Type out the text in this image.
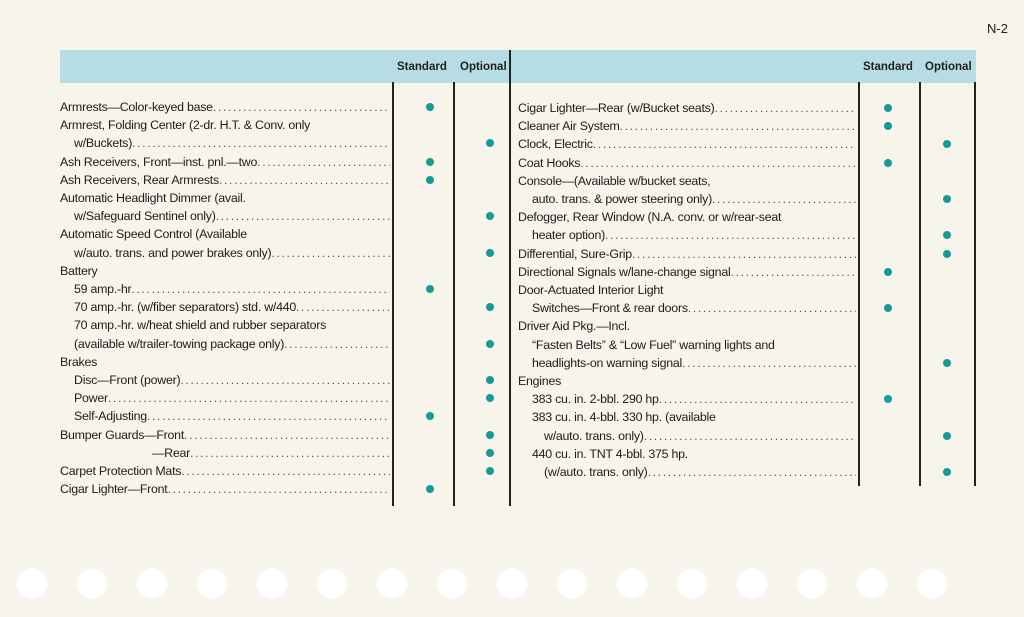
N-2
Standard Optional	Standard Optional
Armrests—Color-keyed base
.....
Armrest, Folding Center (2-dr. H.T. & Conv. only
w/Buckets)
.....
Ash Receivers, Front—inst. pnl.—two
.....
Ash Receivers, Rear Armrests
.....
Automatic Headlight Dimmer (avail.
w/Safeguard Sentinel only)
.....
Automatic Speed Control (Available
w/auto. trans. and power brakes only)
.....
Battery
59 amp.-hr
.....
70 amp.-hr. (w/fiber separators) std. w/440
.....
70 amp.-hr. w/heat shield and rubber separators
(available w/trailer-towing package only)
.....
Brakes
Disc—Front (power)
.....
Power
.....
Self-Adjusting
.....
Bumper Guards—Front
.....
—Rear
.....
Carpet Protection Mats
.....
Cigar Lighter—Front
.....
Cigar Lighter—Rear (w/Bucket seats)
.....
Cleaner Air System
.....
Clock, Electric
.....
Coat Hooks
.....
Console—(Available w/bucket seats,
auto. trans. & power steering only)
.....
Defogger, Rear Window (N.A. conv. or w/rear-seat
heater option)
.....
Differential, Sure-Grip
.....
Directional Signals w/lane-change signal
.....
Door-Actuated Interior Light
Switches—Front & rear doors
.....
Driver Aid Pkg.—Incl.
“Fasten Belts” & “Low Fuel” warning lights and
headlights-on warning signal
.....
Engines
383 cu. in. 2-bbl. 290 hp
.....
383 cu. in. 4-bbl. 330 hp. (available
w/auto. trans. only)
.....
440 cu. in. TNT 4-bbl. 375 hp.
(w/auto. trans. only)
.....
